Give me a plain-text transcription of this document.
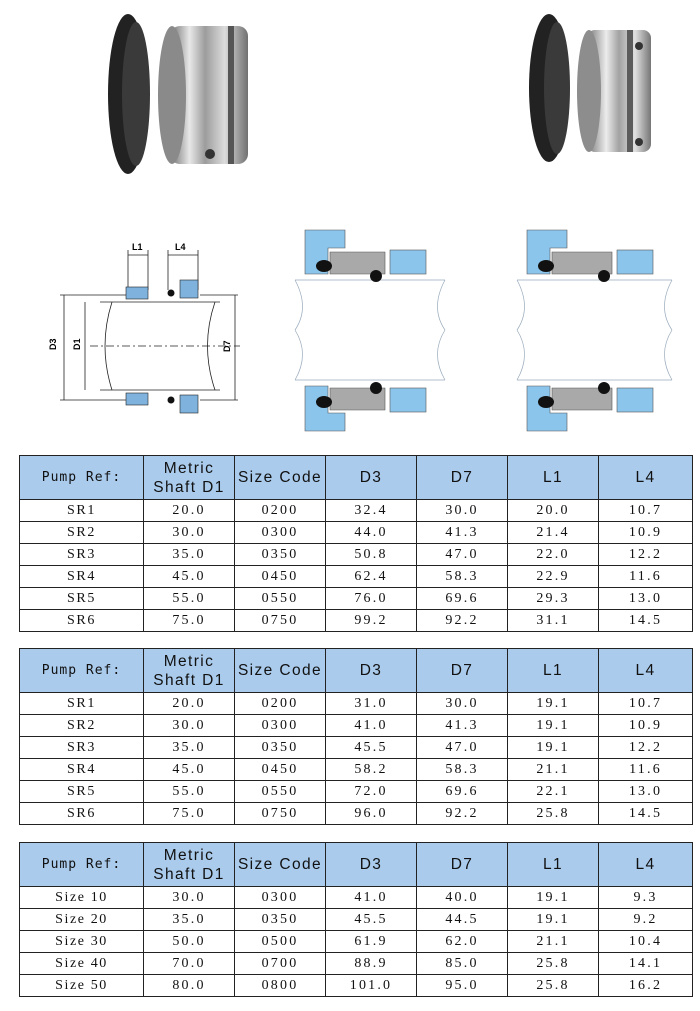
L1	L4
D3 D1	D7
Pump Ref:	Metric Shaft D1	Size Code	D3	D7	L1	L4
SR1	20.0	0200	32.4	30.0	20.0	10.7
SR2	30.0	0300	44.0	41.3	21.4	10.9
SR3	35.0	0350	50.8	47.0	22.0	12.2
SR4	45.0	0450	62.4	58.3	22.9	11.6
SR5	55.0	0550	76.0	69.6	29.3	13.0
SR6	75.0	0750	99.2	92.2	31.1	14.5
Pump Ref:	Metric Shaft D1	Size Code	D3	D7	L1	L4
SR1	20.0	0200	31.0	30.0	19.1	10.7
SR2	30.0	0300	41.0	41.3	19.1	10.9
SR3	35.0	0350	45.5	47.0	19.1	12.2
SR4	45.0	0450	58.2	58.3	21.1	11.6
SR5	55.0	0550	72.0	69.6	22.1	13.0
SR6	75.0	0750	96.0	92.2	25.8	14.5
Pump Ref:	Metric Shaft D1	Size Code	D3	D7	L1	L4
Size 10	30.0	0300	41.0	40.0	19.1	9.3
Size 20	35.0	0350	45.5	44.5	19.1	9.2
Size 30	50.0	0500	61.9	62.0	21.1	10.4
Size 40	70.0	0700	88.9	85.0	25.8	14.1
Size 50	80.0	0800	101.0	95.0	25.8	16.2
